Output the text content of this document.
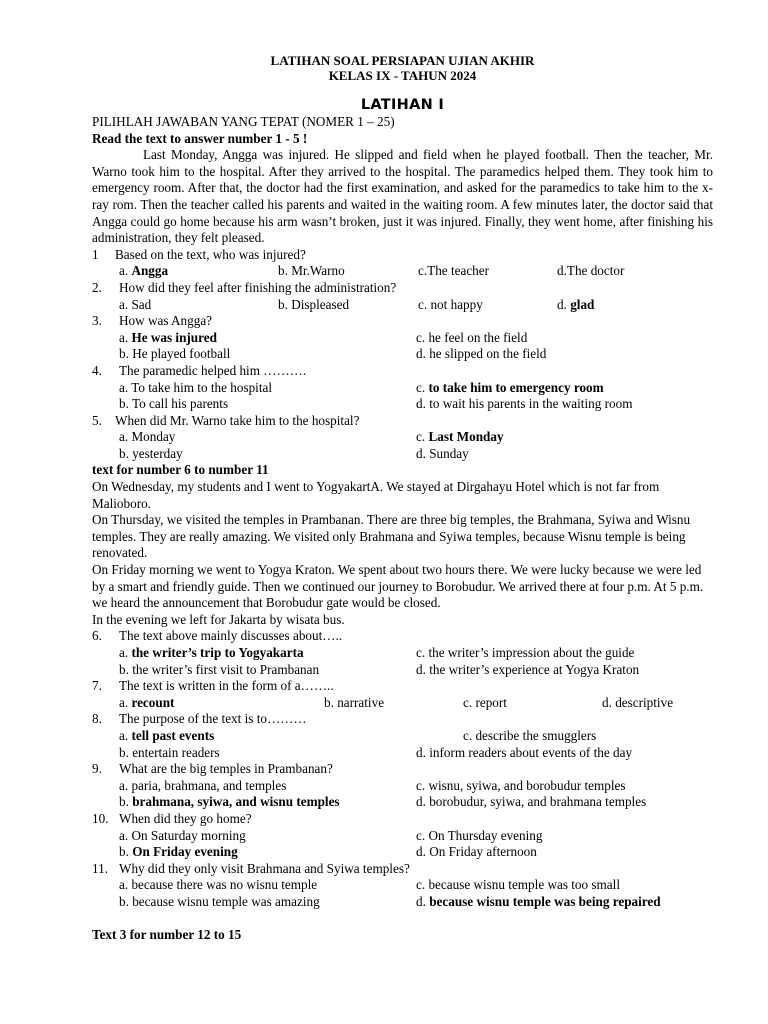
LATIHAN SOAL PERSIAPAN UJIAN AKHIR
KELAS IX - TAHUN 2024
LATIHAN I
PILIHLAH JAWABAN YANG TEPAT (NOMER 1 – 25)
Read the text to answer number 1 - 5 !
Last Monday, Angga was injured. He slipped and field when he played football. Then the teacher, Mr. Warno took him to the hospital. After they arrived to the hospital. The paramedics helped them. They took him to emergency room. After that, the doctor had the first examination, and asked for the paramedics to take him to the x- ray rom. Then the teacher called his parents and waited in the waiting room. A few minutes later, the doctor said that Angga could go home because his arm wasn’t broken, just it was injured. Finally, they went home, after finishing his administration, they felt pleased.
1	Based on the text, who was injured?
a. Angga	b. Mr.Warno	c.The teacher	d.The doctor
2.	How did they feel after finishing the administration?
a. Sad	b. Displeased	c. not happy	d. glad
3.	How was Angga?
a. He was injured	c. he feel on the field
b. He played football	d. he slipped on the field
4.	The paramedic helped him ……….
a. To take him to the hospital	c. to take him to emergency room
b. To call his parents	d. to wait his parents in the waiting room
5. When did Mr. Warno take him to the hospital?
a. Monday	c. Last Monday
b. yesterday	d. Sunday
text for number 6 to number 11
On Wednesday, my students and I went to YogyakartA. We stayed at Dirgahayu Hotel which is not far from Malioboro.
On Thursday, we visited the temples in Prambanan. There are three big temples, the Brahmana, Syiwa and Wisnu temples. They are really amazing. We visited only Brahmana and Syiwa temples, because Wisnu temple is being renovated.
On Friday morning we went to Yogya Kraton. We spent about two hours there. We were lucky because we were led by a smart and friendly guide. Then we continued our journey to Borobudur. We arrived there at four p.m. At 5 p.m. we heard the announcement that Borobudur gate would be closed.
In the evening we left for Jakarta by wisata bus.
6.	The text above mainly discusses about…..
a. the writer’s trip to Yogyakarta	c. the writer’s impression about the guide
b. the writer’s first visit to Prambanan	d. the writer’s experience at Yogya Kraton
7.	The text is written in the form of a……..
a. recount	b. narrative	c. report	d. descriptive
8.	The purpose of the text is to………
a. tell past events	c. describe the smugglers
b. entertain readers	d. inform readers about events of the day
9.	What are the big temples in Prambanan?
a. paria, brahmana, and temples	c. wisnu, syiwa, and borobudur temples
b. brahmana, syiwa, and wisnu temples	d. borobudur, syiwa, and brahmana temples
10. When did they go home?
a. On Saturday morning	c. On Thursday evening
b. On Friday evening	d. On Friday afternoon
11. Why did they only visit Brahmana and Syiwa temples?
a. because there was no wisnu temple	c. because wisnu temple was too small
b. because wisnu temple was amazing	d. because wisnu temple was being repaired
Text 3 for number 12 to 15
